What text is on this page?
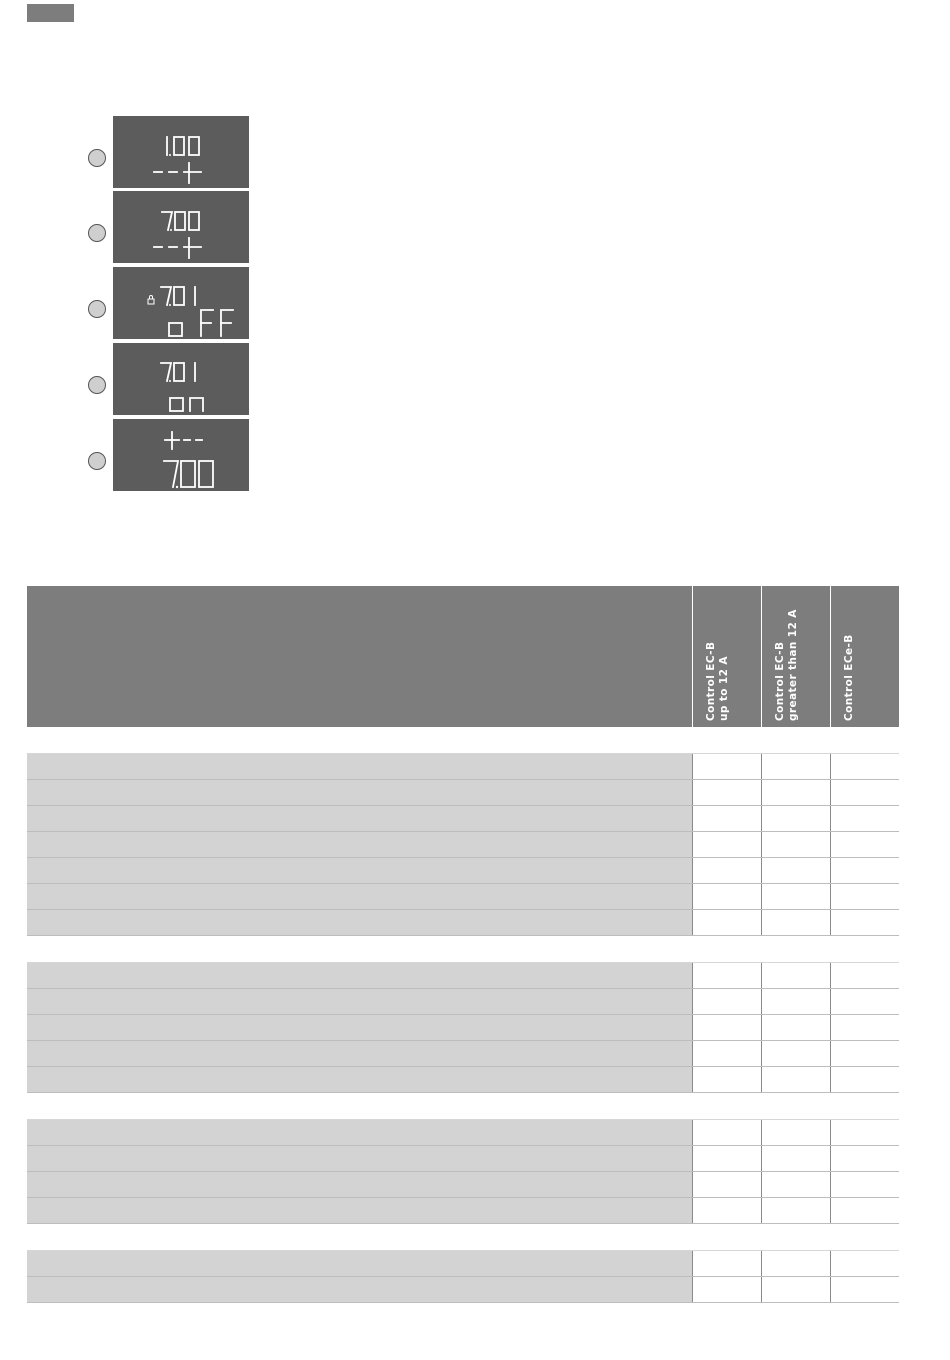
Control EC-B
up to 12 A
Control EC-B
greater than 12 A
Control ECe-B
